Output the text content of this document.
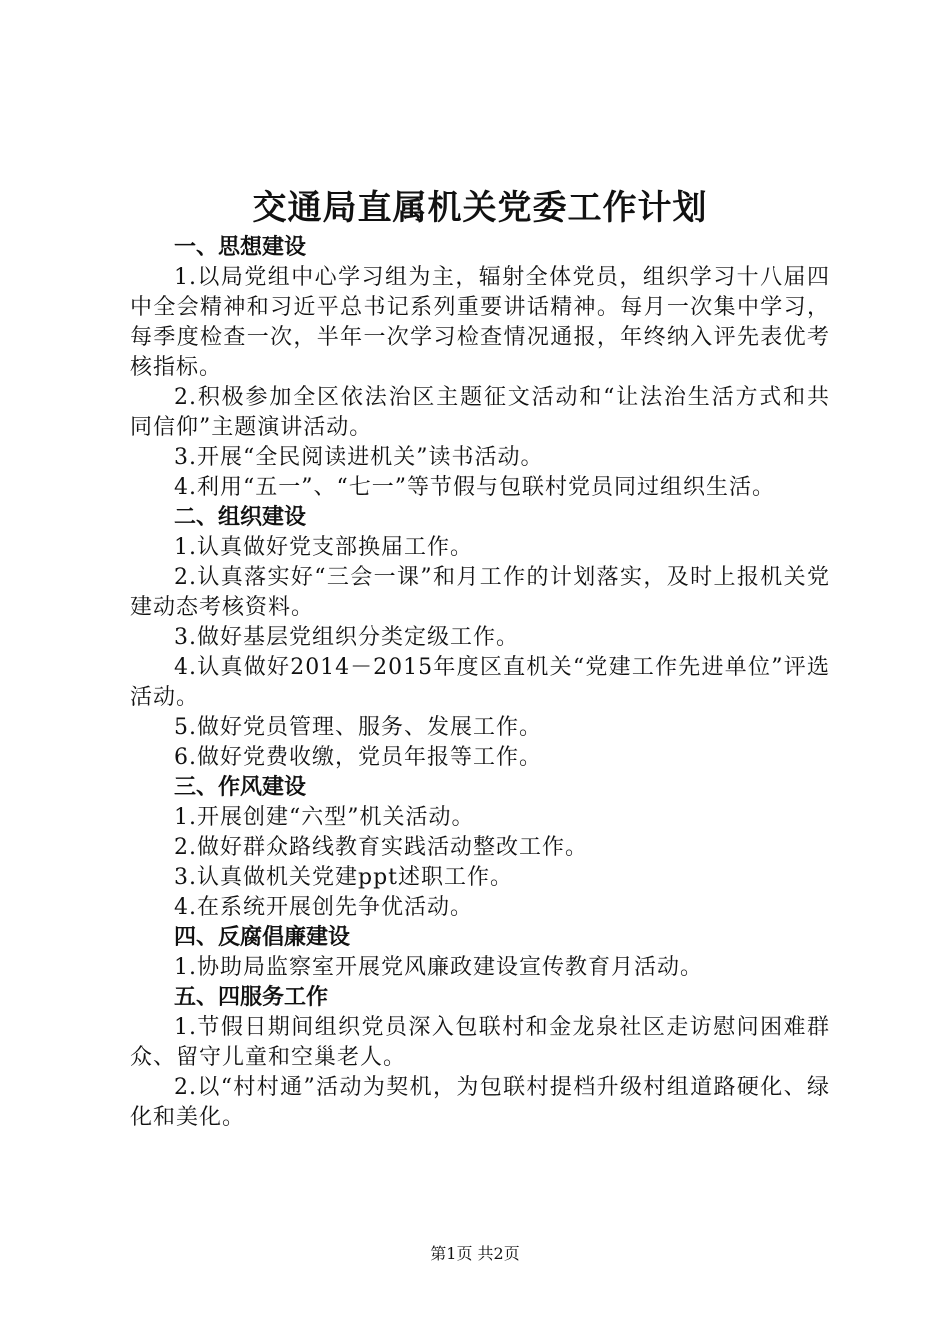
交通局直属机关党委工作计划
一、思想建设

1.以局党组中心学习组为主，辐射全体党员，组织学习十八届四中全会精神和习近平总书记系列重要讲话精神。每月一次集中学习，每季度检查一次，半年一次学习检查情况通报，年终纳入评先表优考核指标。

2.积极参加全区依法治区主题征文活动和“让法治生活方式和共同信仰”主题演讲活动。

3.开展“全民阅读进机关”读书活动。

4.利用“五一”、“七一”等节假与包联村党员同过组织生活。

二、组织建设

1.认真做好党支部换届工作。

2.认真落实好“三会一课”和月工作的计划落实，及时上报机关党建动态考核资料。

3.做好基层党组织分类定级工作。

4.认真做好2014－2015年度区直机关“党建工作先进单位”评选活动。

5.做好党员管理、服务、发展工作。

6.做好党费收缴，党员年报等工作。

三、作风建设

1.开展创建“六型”机关活动。

2.做好群众路线教育实践活动整改工作。

3.认真做机关党建ppt述职工作。

4.在系统开展创先争优活动。

四、反腐倡廉建设

1.协助局监察室开展党风廉政建设宣传教育月活动。

五、四服务工作

1.节假日期间组织党员深入包联村和金龙泉社区走访慰问困难群众、留守儿童和空巢老人。

2.以“村村通”活动为契机，为包联村提档升级村组道路硬化、绿化和美化。

第1页 共2页
